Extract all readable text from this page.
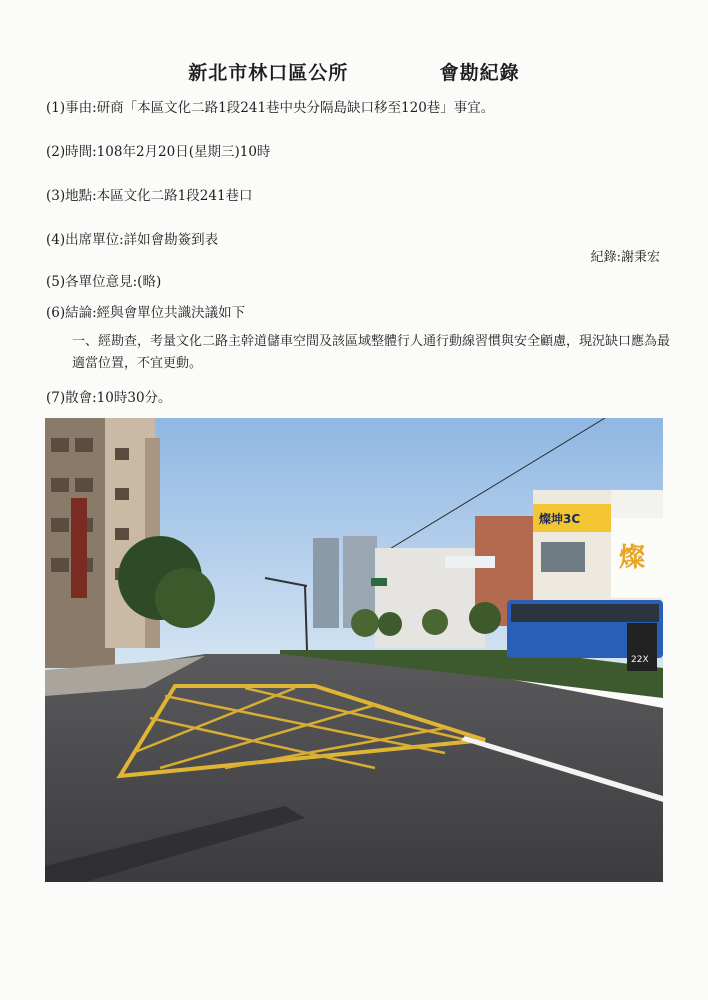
新北市林口區公所            會勘紀錄
(1)事由:研商「本區文化二路1段241巷中央分隔島缺口移至120巷」事宜。
(2)時間:108年2月20日(星期三)10時
(3)地點:本區文化二路1段241巷口
(4)出席單位:詳如會勘簽到表
紀錄:謝秉宏
(5)各單位意見:(略)
(6)結論:經與會單位共識決議如下
一、經勘查，考量文化二路主幹道儲車空間及該區域整體行人通行動線習慣與安全顧慮，現況缺口應為最適當位置，不宜更動。
(7)散會:10時30分。
燦坤3C
燦
22X
